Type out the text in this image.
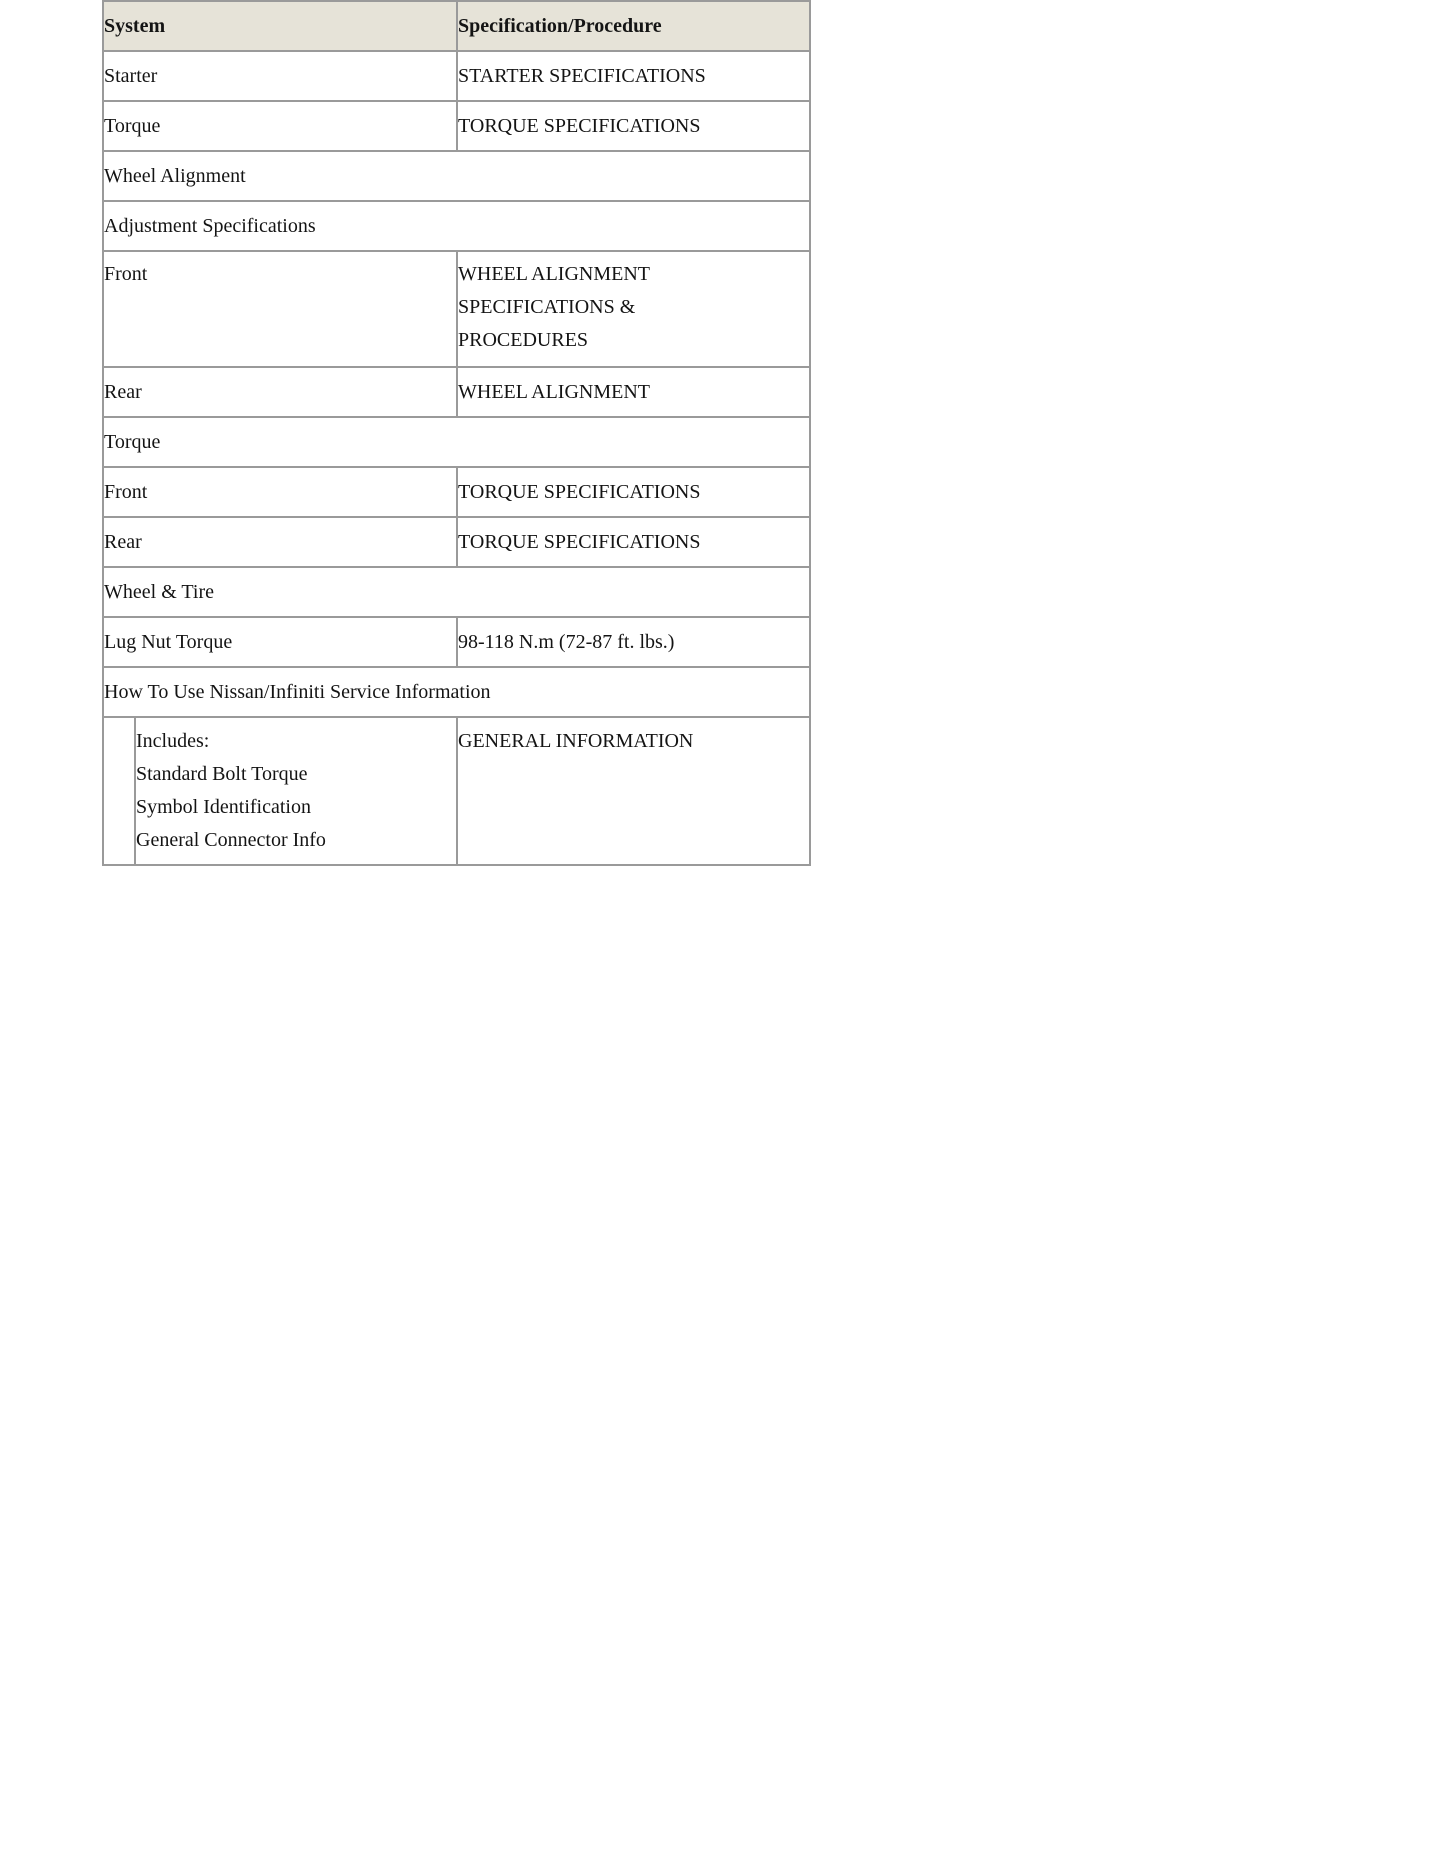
System		Specification/Procedure
Starter		STARTER SPECIFICATIONS
Torque		TORQUE SPECIFICATIONS
Wheel Alignment		
Adjustment Specifications		

Front		WHEEL ALIGNMENT
SPECIFICATIONS &
PROCEDURES

Rear		WHEEL ALIGNMENT
Torque		
Front		TORQUE SPECIFICATIONS
Rear		TORQUE SPECIFICATIONS
Wheel & Tire		
Lug Nut Torque		98-118 N.m (72-87 ft. lbs.)
How To Use Nissan/Infiniti Service Information		

	Includes:
Standard Bolt Torque
Symbol Identification
General Connector Info	GENERAL INFORMATION
